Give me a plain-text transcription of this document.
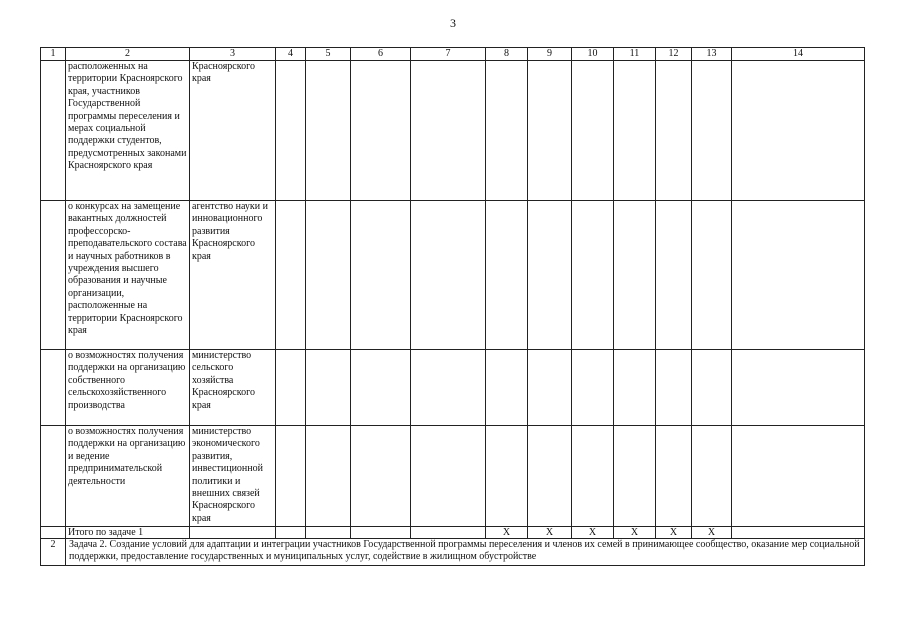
3
1	2	3	4	5	6	7	8	9	10	11	12	13	14
	расположенных на территории Красноярского края, участников Государственной программы переселения и мерах социальной поддержки студентов, предусмотренных законами Красноярского края	Красноярского края											
	о конкурсах на замещение вакантных должностей профессорско-преподавательского состава и научных работников в учреждения высшего образования и научные организации, расположенные на территории Красноярского края	агентство науки и инновационного развития Красноярского края											
	о возможностях получения поддержки на организацию собственного сельскохозяйственного производства	министерство сельского хозяйства Красноярского края											
	о возможностях получения поддержки на организацию и ведение предпринимательской деятельности	министерство экономического развития, инвестиционной политики и внешних связей Красноярского края											
	Итого по задаче 1						X	X	X	X	X	X	
2	Задача 2. Создание условий для адаптации и интеграции участников Государственной программы переселения и членов их семей в принимающее сообщество, оказание мер социальной поддержки, предоставление государственных и муниципальных услуг, содействие в жилищном обустройстве												
